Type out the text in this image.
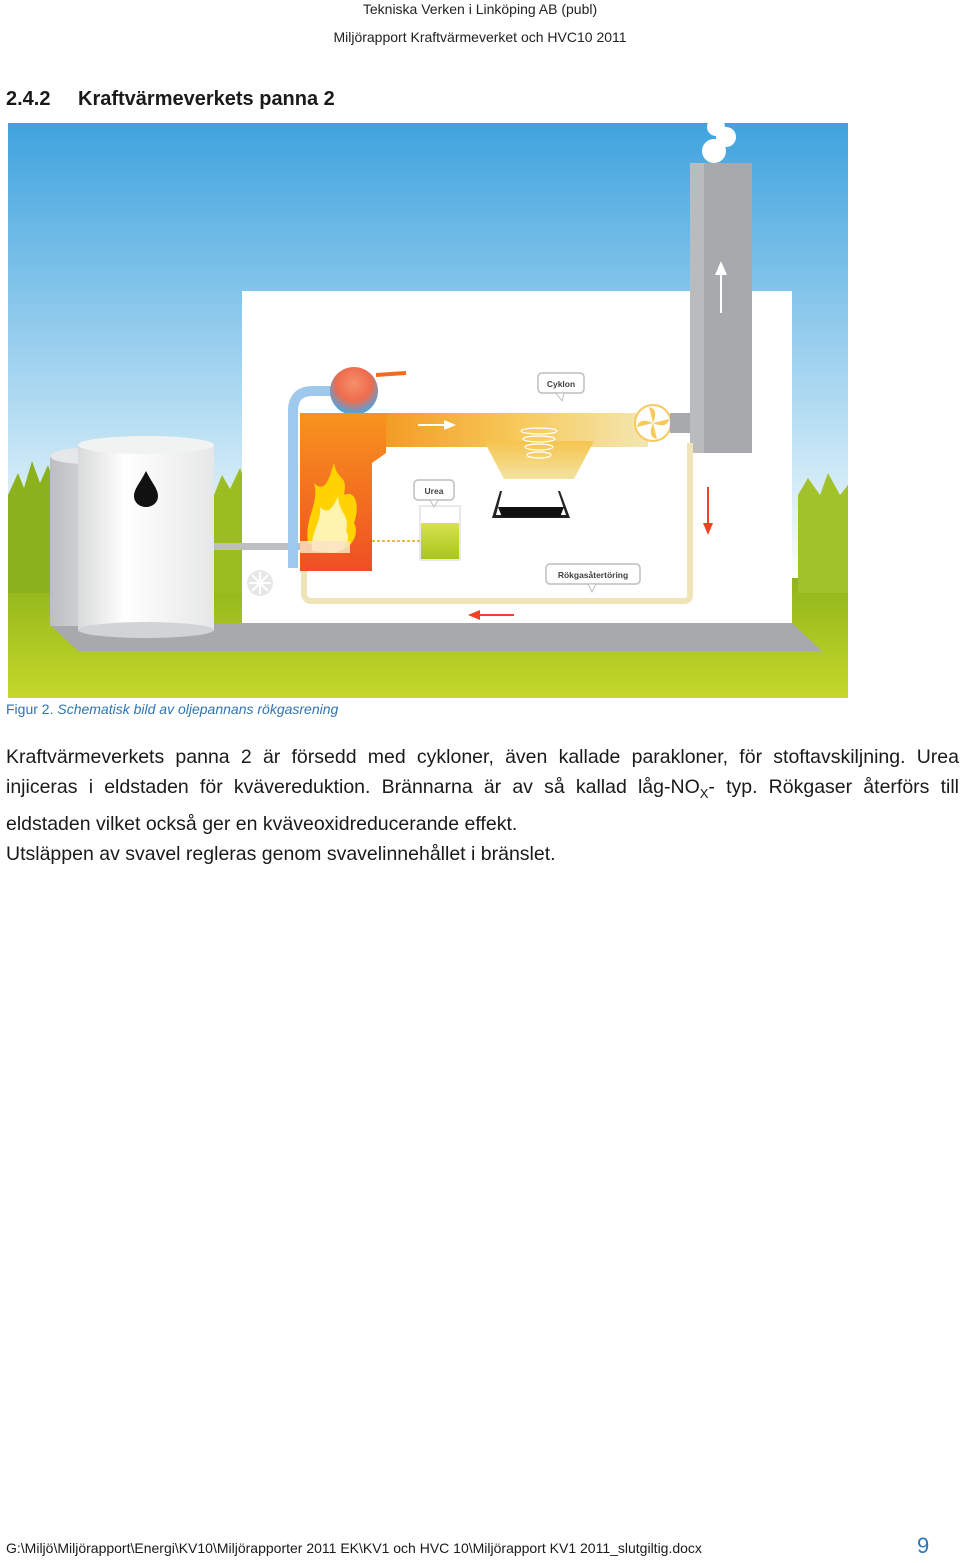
Tekniska Verken i Linköping AB (publ)
Miljörapport Kraftvärmeverket och HVC10 2011
2.4.2 Kraftvärmeverkets panna 2
Cyklon
Urea
Rökgasåtertöring
Figur 2. Schematisk bild av oljepannans rökgasrening
Kraftvärmeverkets panna 2 är försedd med cykloner, även kallade parakloner, för stoftavskiljning. Urea injiceras i eldstaden för kvävereduktion. Brännarna är av så kallad låg-$NO_X-$ typ. Rökgaser återförs till eldstaden vilket också ger en kväveoxidreducerande effekt.
Utsläppen av svavel regleras genom svavelinnehållet i bränslet.
G:\Miljö\Miljörapport\Energi\KV10\Miljörapporter 2011 EK\KV1 och HVC 10\Miljörapport KV1 2011_slutgiltig.docx	9
